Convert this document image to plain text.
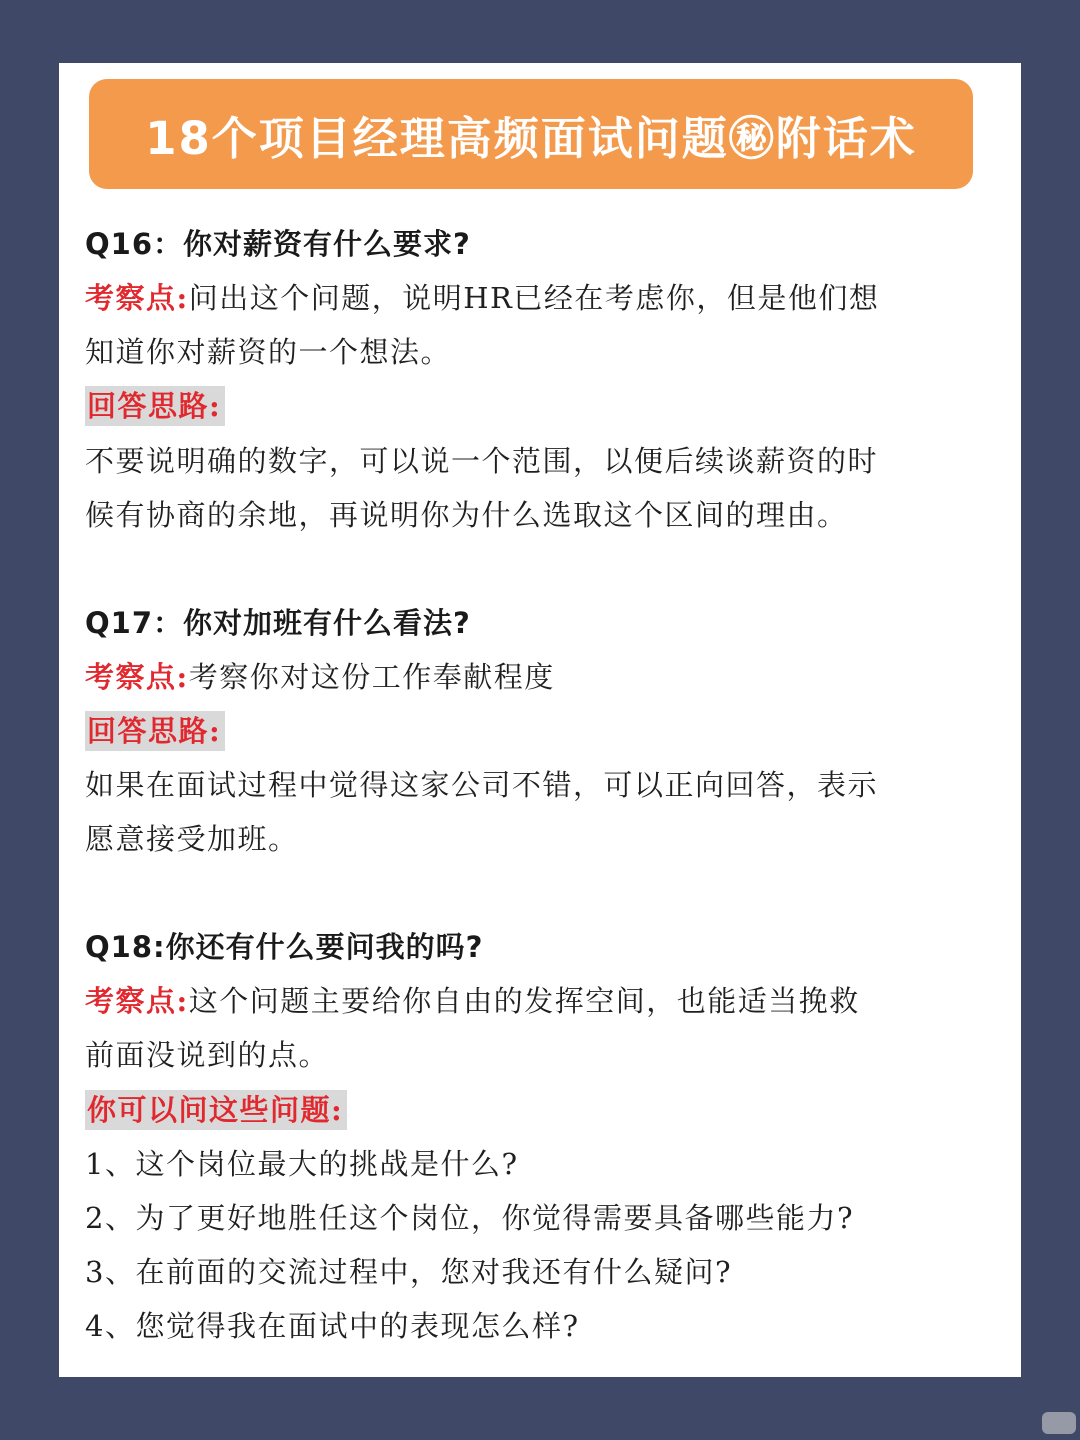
18个项目经理高频面试问题㊙附话术
Q16：你对薪资有什么要求?
考察点:问出这个问题，说明HR已经在考虑你，但是他们想
知道你对薪资的一个想法。
回答思路:
不要说明确的数字，可以说一个范围，以便后续谈薪资的时
候有协商的余地，再说明你为什么选取这个区间的理由。
Q17：你对加班有什么看法?
考察点:考察你对这份工作奉献程度
回答思路:
如果在面试过程中觉得这家公司不错，可以正向回答，表示
愿意接受加班。
Q18:你还有什么要问我的吗?
考察点:这个问题主要给你自由的发挥空间，也能适当挽救
前面没说到的点。
你可以问这些问题:
1、这个岗位最大的挑战是什么?
2、为了更好地胜任这个岗位，你觉得需要具备哪些能力?
3、在前面的交流过程中，您对我还有什么疑问?
4、您觉得我在面试中的表现怎么样?
